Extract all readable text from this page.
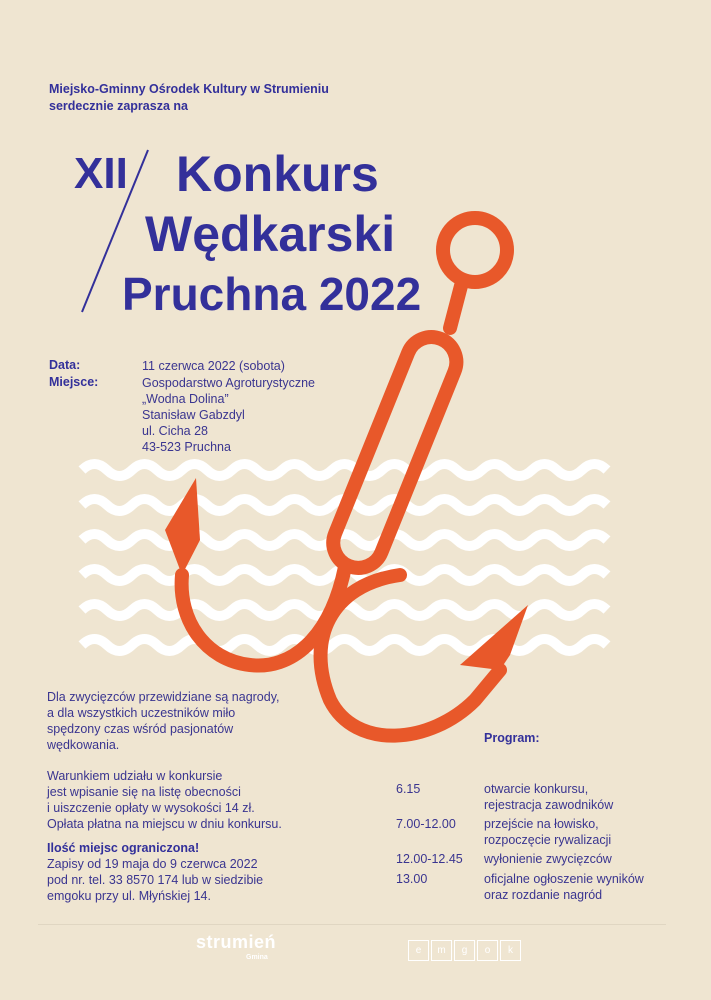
Miejsko-Gminny Ośrodek Kultury w Strumieniu
serdecznie zaprasza na
XII Konkurs
Wędkarski
Pruchna 2022
Data:	11 czerwca 2022 (sobota)
Miejsce:	Gospodarstwo Agroturystyczne
„Wodna Dolina”
Stanisław Gabzdyl
ul. Cicha 28
43-523 Pruchna
Dla zwycięzców przewidziane są nagrody,
a dla wszystkich uczestników miło
spędzony czas wśród pasjonatów
wędkowania.
Warunkiem udziału w konkursie
jest wpisanie się na listę obecności
i uiszczenie opłaty w wysokości 14 zł.
Opłata płatna na miejscu w dniu konkursu.
Ilość miejsc ograniczona!
Zapisy od 19 maja do 9 czerwca 2022
pod nr. tel. 33 8570 174 lub w siedzibie
emgoku przy ul. Młyńskiej 14.
Program:
6.15	otwarcie konkursu,
rejestracja zawodników
7.00-12.00 przejście na łowisko,
rozpoczęcie rywalizacji
12.00-12.45 wyłonienie zwycięzców
13.00	oficjalne ogłoszenie wyników
oraz rozdanie nagród
strumień
Gmina
e	m	g	o	k
